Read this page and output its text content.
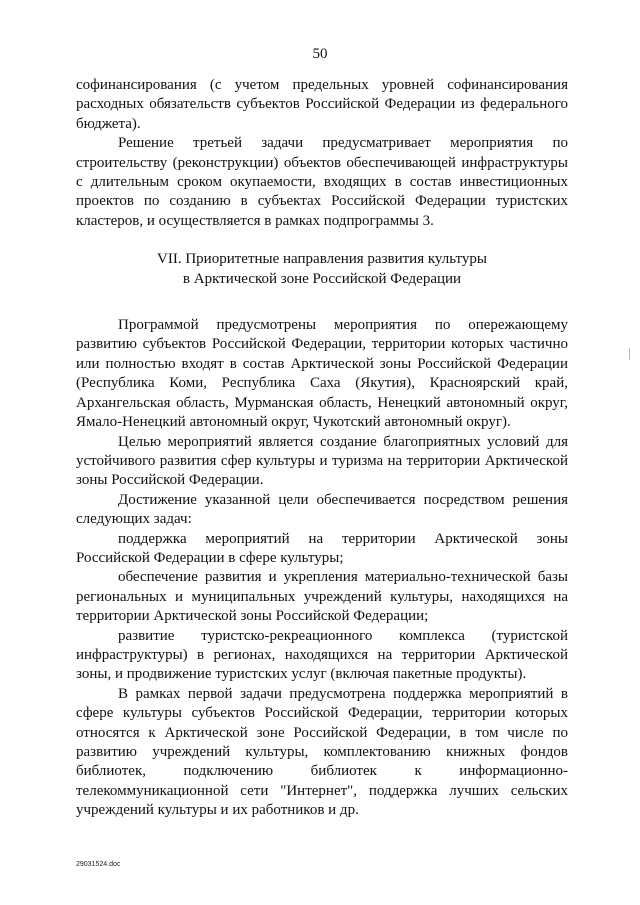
50

софинансирования (с учетом предельных уровней софинансирования расходных обязательств субъектов Российской Федерации из федерального бюджета).

Решение третьей задачи предусматривает мероприятия по строительству (реконструкции) объектов обеспечивающей инфраструктуры с длительным сроком окупаемости, входящих в состав инвестиционных проектов по созданию в субъектах Российской Федерации туристских кластеров, и осуществляется в рамках подпрограммы 3.

VII. Приоритетные направления развития культуры
в Арктической зоне Российской Федерации

Программой предусмотрены мероприятия по опережающему развитию субъектов Российской Федерации, территории которых частично или полностью входят в состав Арктической зоны Российской Федерации (Республика Коми, Республика Саха (Якутия), Красноярский край, Архангельская область, Мурманская область, Ненецкий автономный округ, Ямало-Ненецкий автономный округ, Чукотский автономный округ).

Целью мероприятий является создание благоприятных условий для устойчивого развития сфер культуры и туризма на территории Арктической зоны Российской Федерации.

Достижение указанной цели обеспечивается посредством решения следующих задач:

поддержка мероприятий на территории Арктической зоны Российской Федерации в сфере культуры;

обеспечение развития и укрепления материально-технической базы региональных и муниципальных учреждений культуры, находящихся на территории Арктической зоны Российской Федерации;

развитие туристско-рекреационного комплекса (туристской инфраструктуры) в регионах, находящихся на территории Арктической зоны, и продвижение туристских услуг (включая пакетные продукты).

В рамках первой задачи предусмотрена поддержка мероприятий в сфере культуры субъектов Российской Федерации, территории которых относятся к Арктической зоне Российской Федерации, в том числе по развитию учреждений культуры, комплектованию книжных фондов библиотек, подключению библиотек к информационно-телекоммуникационной сети "Интернет", поддержка лучших сельских учреждений культуры и их работников и др.

29031524.doc
